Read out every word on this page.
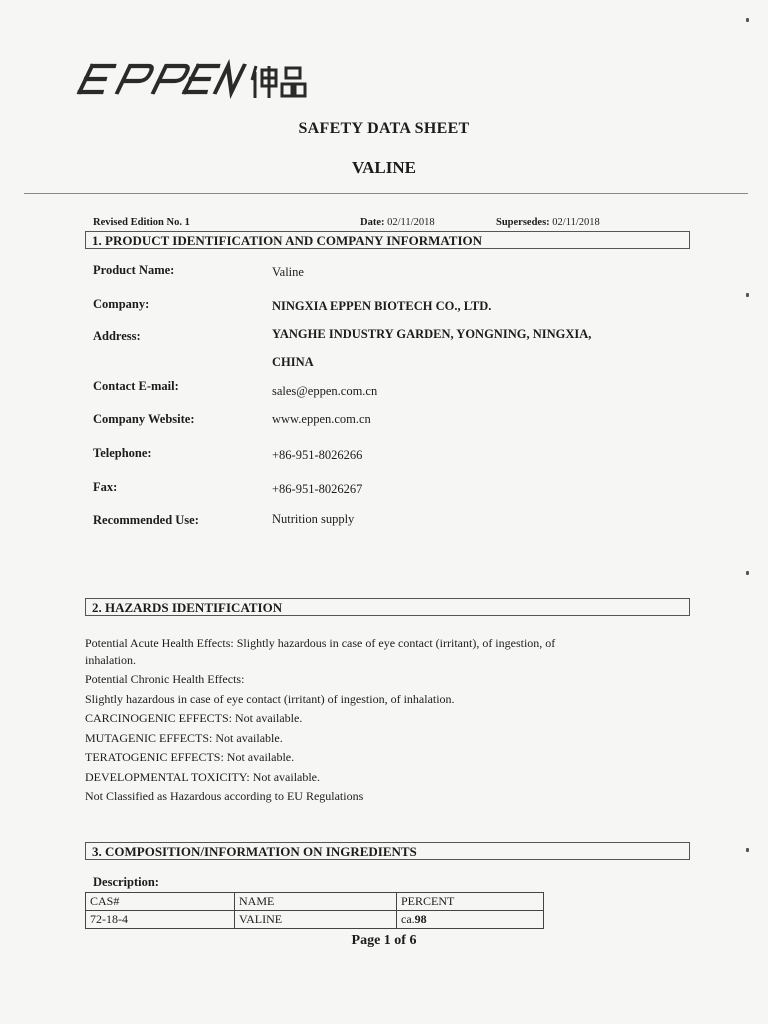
SAFETY DATA SHEET
VALINE
Revised Edition No. 1	Date: 02/11/2018	Supersedes: 02/11/2018
1. PRODUCT IDENTIFICATION AND COMPANY INFORMATION
Product Name:	Valine
Company:	NINGXIA EPPEN BIOTECH CO., LTD.
Address:	YANGHE INDUSTRY GARDEN, YONGNING, NINGXIA,
CHINA
Contact E-mail:	sales@eppen.com.cn
Company Website:	www.eppen.com.cn
Telephone:	+86-951-8026266
Fax:	+86-951-8026267
Recommended Use:	Nutrition supply
2. HAZARDS IDENTIFICATION
Potential Acute Health Effects: Slightly hazardous in case of eye contact (irritant), of ingestion, of
inhalation.
Potential Chronic Health Effects:
Slightly hazardous in case of eye contact (irritant) of ingestion, of inhalation.
CARCINOGENIC EFFECTS: Not available.
MUTAGENIC EFFECTS: Not available.
TERATOGENIC EFFECTS: Not available.
DEVELOPMENTAL TOXICITY: Not available.
Not Classified as Hazardous according to EU Regulations
3. COMPOSITION/INFORMATION ON INGREDIENTS
Description:
CAS#	NAME	PERCENT
72-18-4	VALINE	ca.98
Page 1 of 6
